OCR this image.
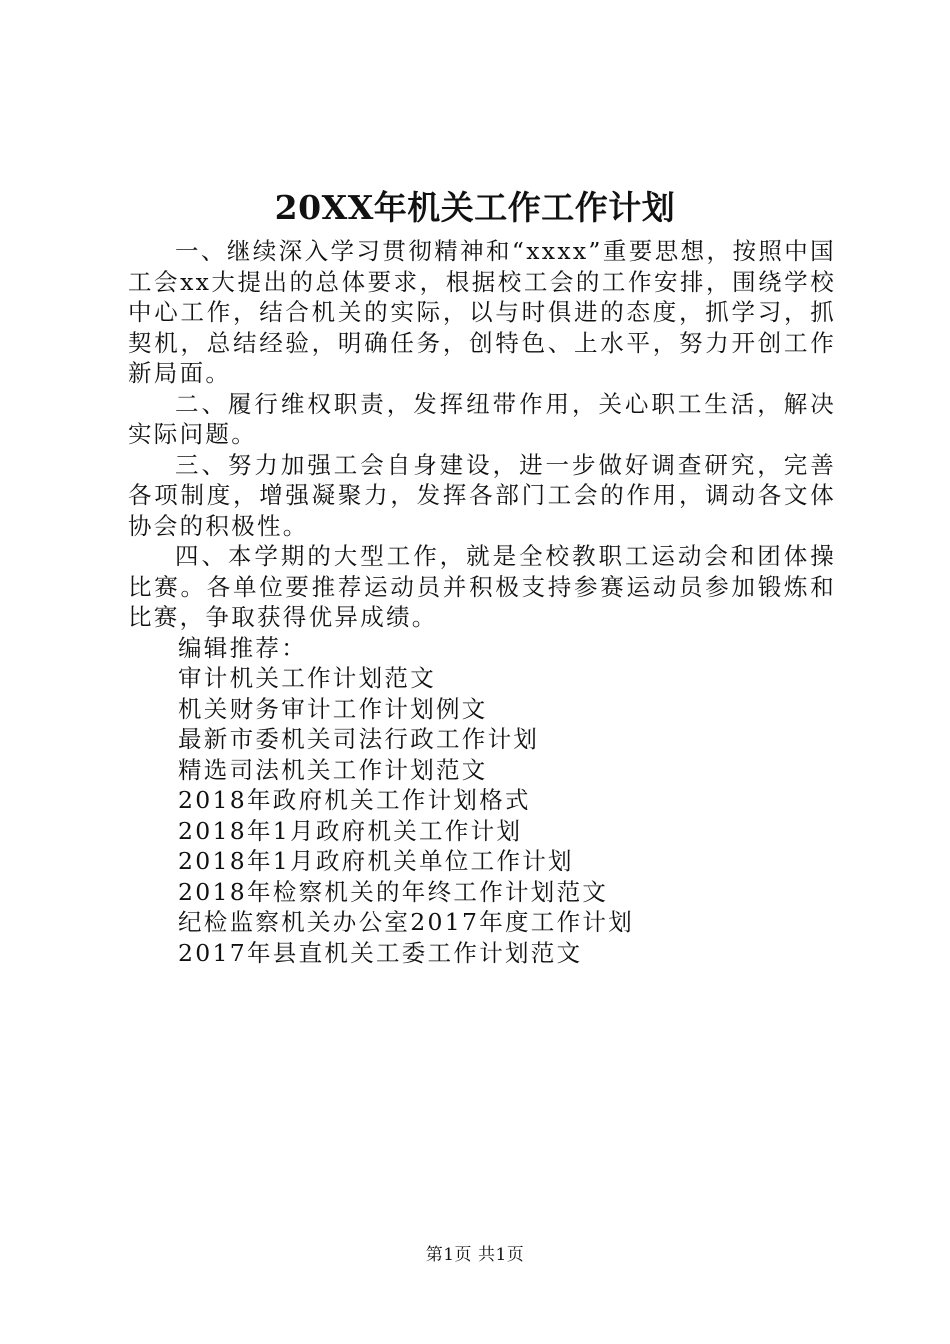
20XX年机关工作工作计划

一、继续深入学习贯彻精神和“xxxx”重要思想，按照中国工会xx大提出的总体要求，根据校工会的工作安排，围绕学校中心工作，结合机关的实际，以与时俱进的态度，抓学习，抓契机，总结经验，明确任务，创特色、上水平，努力开创工作新局面。

二、履行维权职责，发挥纽带作用，关心职工生活，解决实际问题。

三、努力加强工会自身建设，进一步做好调查研究，完善各项制度，增强凝聚力，发挥各部门工会的作用，调动各文体协会的积极性。

四、本学期的大型工作，就是全校教职工运动会和团体操比赛。各单位要推荐运动员并积极支持参赛运动员参加锻炼和比赛，争取获得优异成绩。

编辑推荐：
审计机关工作计划范文
机关财务审计工作计划例文
最新市委机关司法行政工作计划
精选司法机关工作计划范文
2018年政府机关工作计划格式
2018年1月政府机关工作计划
2018年1月政府机关单位工作计划
2018年检察机关的年终工作计划范文
纪检监察机关办公室2017年度工作计划
2017年县直机关工委工作计划范文
第1页 共1页
